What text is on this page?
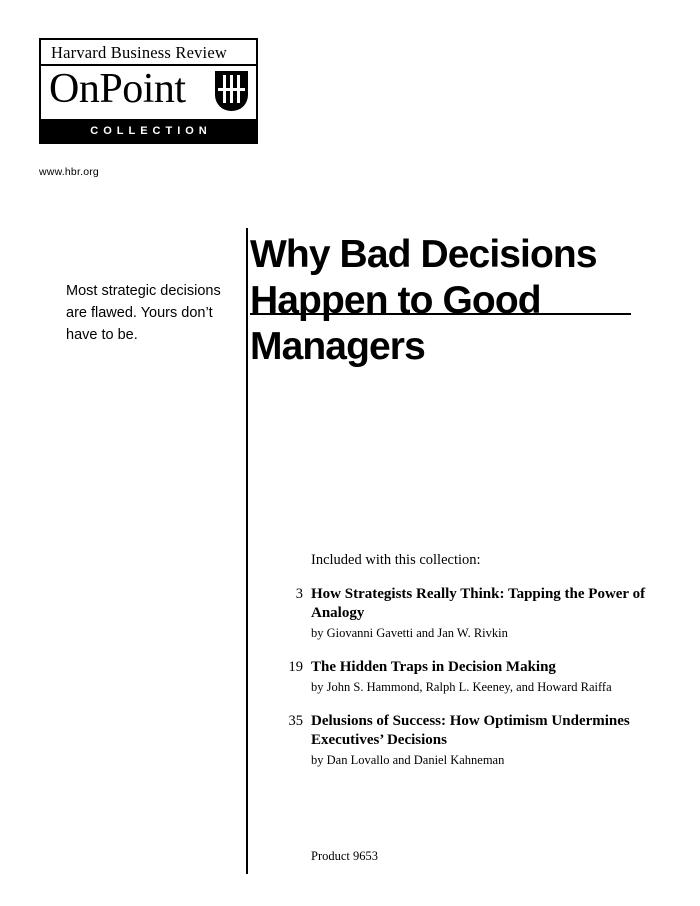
Harvard Business Review
OnPoint
COLLECTION
www.hbr.org
Why Bad Decisions
Happen to Good
Managers
Most strategic decisions are flawed. Yours don’t have to be.
Included with this collection:
3 How Strategists Really Think: Tapping the Power of Analogy

by Giovanni Gavetti and Jan W. Rivkin

19 The Hidden Traps in Decision Making

by John S. Hammond, Ralph L. Keeney, and Howard Raiffa

35 Delusions of Success: How Optimism Undermines Executives’ Decisions

by Dan Lovallo and Daniel Kahneman

Product 9653
